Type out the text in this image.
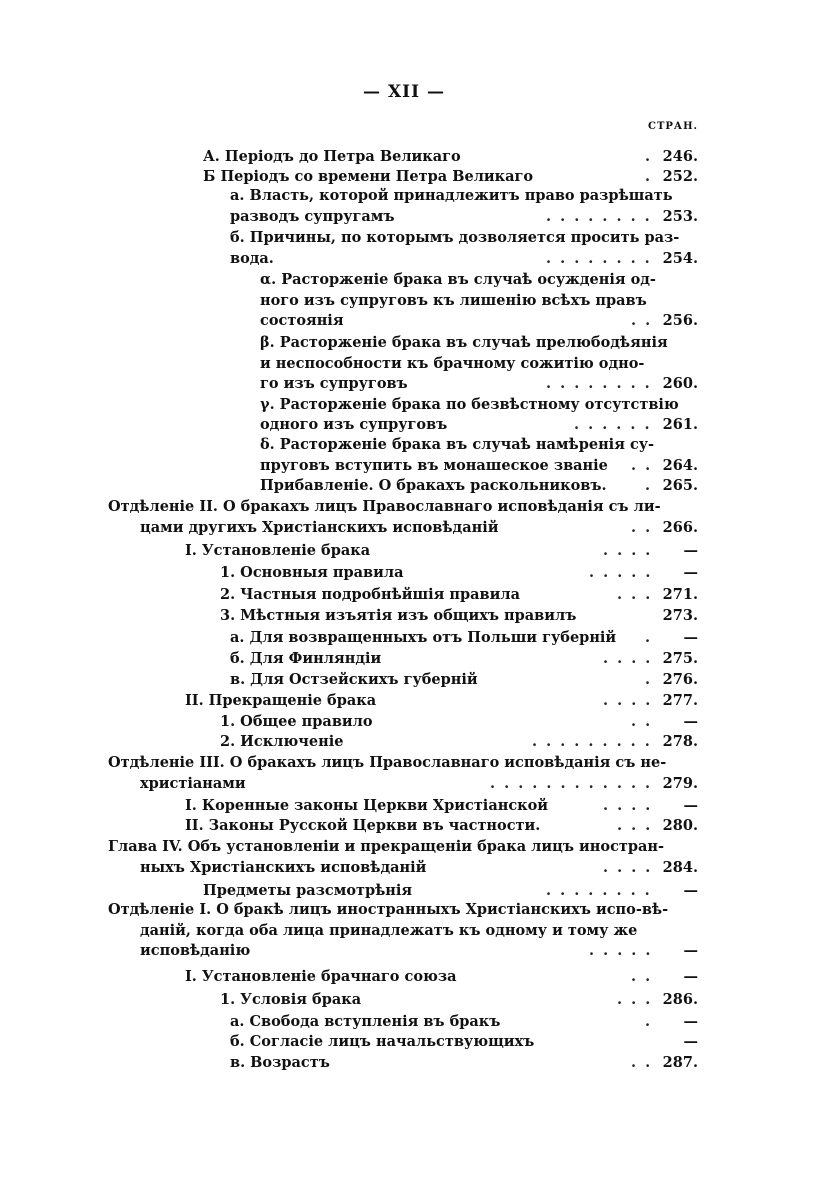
— XII —
СТРАН.
А. Періодъ до Петра Великаго	. 246.
Б Періодъ со времени Петра Великаго	. 252.
а. Власть, которой принадлежитъ право разрѣшать
разводъ супругамъ	. . . . . . . . 253.
б. Причины, по которымъ дозволяется просить раз-
вода.	. . . . . . . . 254.
α. Расторженіе брака въ случаѣ осужденія од-
ного изъ супруговъ къ лишенію всѣхъ правъ
состоянія	. . 256.
β. Расторженіе брака въ случаѣ прелюбодѣянія
и неспособности къ брачному сожитію одно-
го изъ супруговъ	. . . . . . . . 260.
γ. Расторженіе брака по безвѣстному отсутствію
одного изъ супруговъ	. . . . . . 261.
δ. Расторженіе брака въ случаѣ намѣренія су-
пруговъ вступить въ монашеское званіе . . 264.
Прибавленіе. О бракахъ раскольниковъ.	. 265.
Отдѣленіе II. О бракахъ лицъ Православнаго исповѣданія съ ли-
цами другихъ Христіанскихъ исповѣданій	. . 266.
I. Установленіе брака	. . . .	—
1. Основныя правила	. . . . .	—
2. Частныя подробнѣйшія правила	. . . 271.
3. Мѣстныя изъятія изъ общихъ правилъ	273.
а. Для возвращенныхъ отъ Польши губерній .	—
б. Для Финляндіи	. . . . 275.
в. Для Остзейскихъ губерній	. 276.
II. Прекращеніе брака	. . . . 277.
1. Общее правило	. .	—
2. Исключеніе	. . . . . . . . . 278.
Отдѣленіе III. О бракахъ лицъ Православнаго исповѣданія съ не-
христіанами	. . . . . . . . . . . . 279.
I. Коренные законы Церкви Христіанской	. . . .	—
II. Законы Русской Церкви въ частности.	. . . 280.
Глава IV. Объ установленіи и прекращеніи брака лицъ иностран-
ныхъ Христіанскихъ исповѣданій	. . . . 284.
Предметы разсмотрѣнія	. . . . . . . .	—
Отдѣленіе I. О бракѣ лицъ иностранныхъ Христіанскихъ испо-вѣ-
даній, когда оба лица принадлежатъ къ одному и тому же
исповѣданію	. . . . .	—
I. Установленіе брачнаго союза	. .	—
1. Условія брака	. . . 286.
а. Свобода вступленія въ бракъ	.	—
б. Согласіе лицъ начальствующихъ	—
в. Возрастъ	. . 287.
